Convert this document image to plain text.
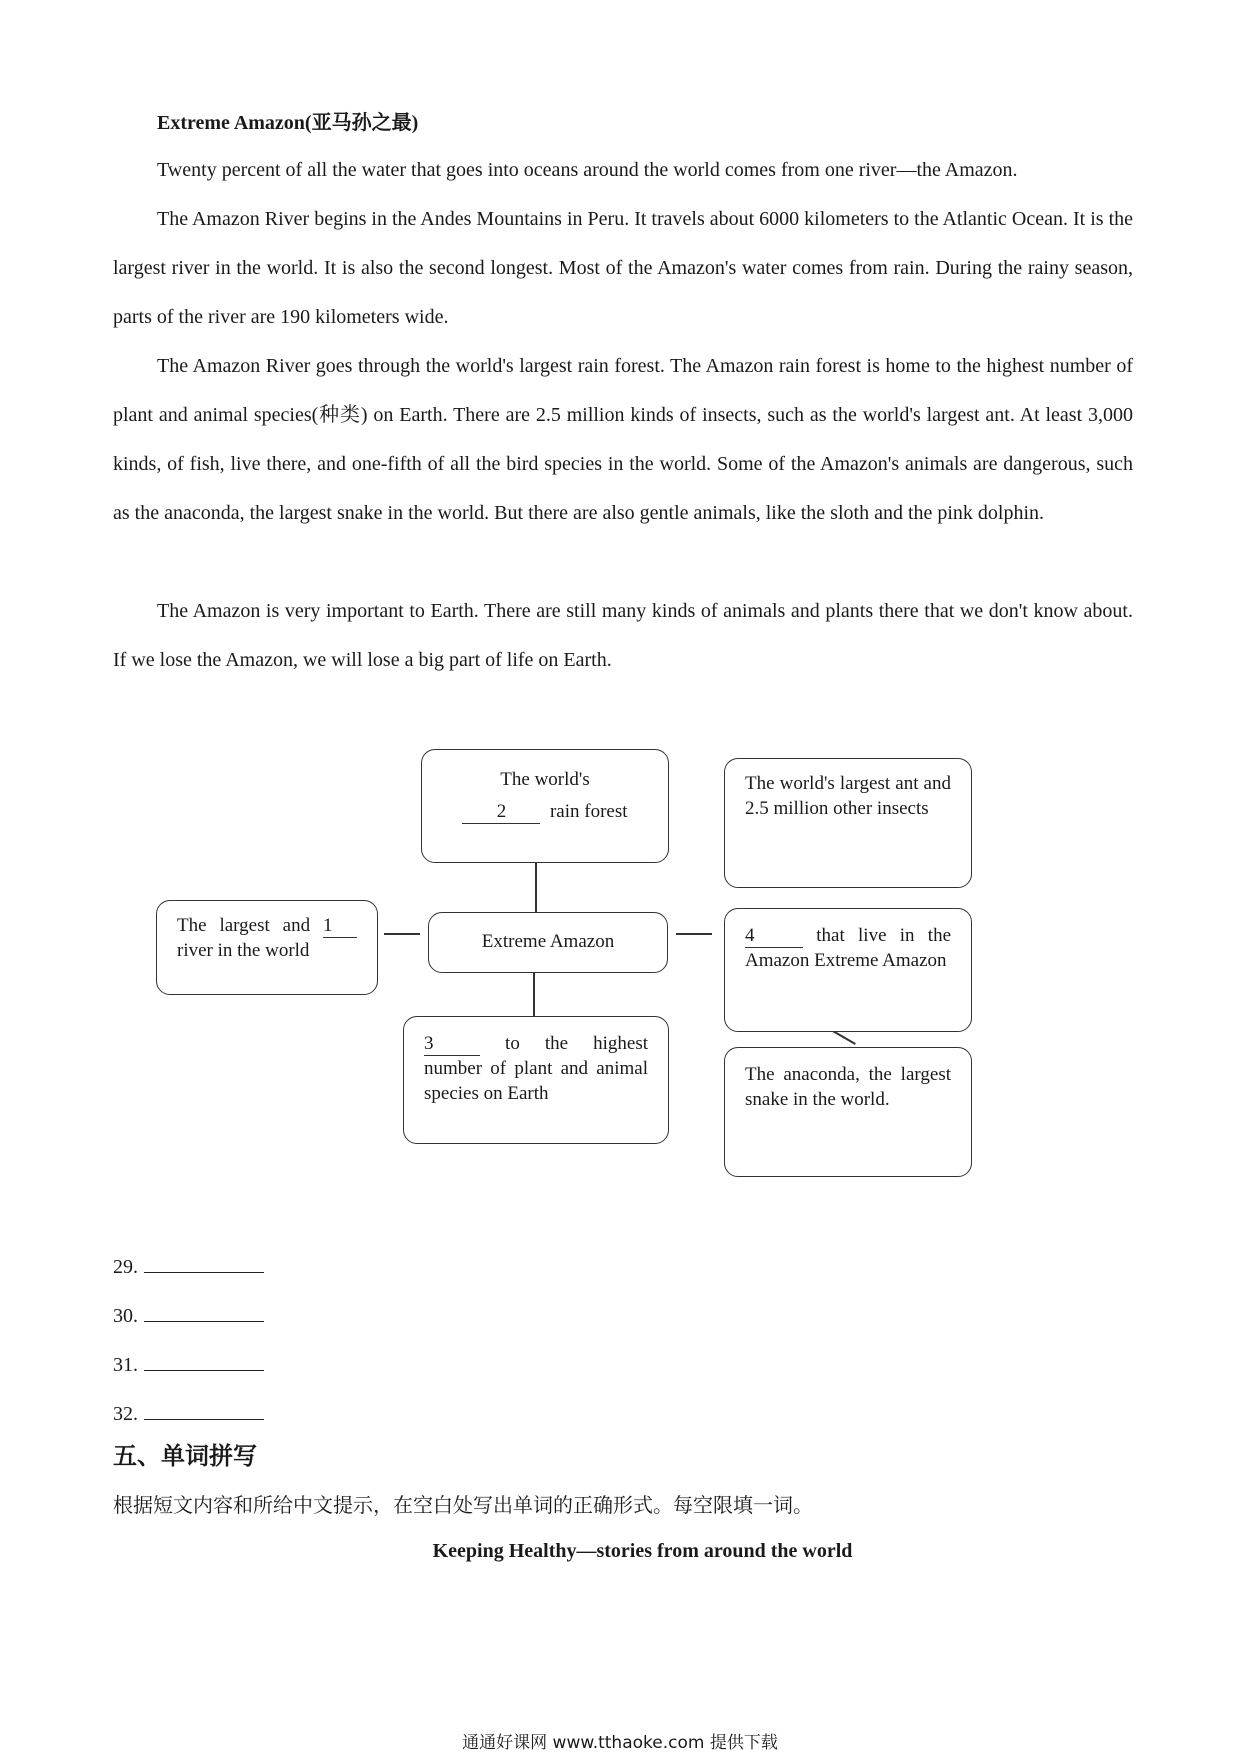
Extreme Amazon(亚马孙之最)

Twenty percent of all the water that goes into oceans around the world comes from one river—the Amazon.

The Amazon River begins in the Andes Mountains in Peru. It travels about 6000 kilometers to the Atlantic Ocean. It is the largest river in the world. It is also the second longest. Most of the Amazon's water comes from rain. During the rainy season, parts of the river are 190 kilometers wide.

The Amazon River goes through the world's largest rain forest. The Amazon rain forest is home to the highest number of plant and animal species(种类) on Earth. There are 2.5 million kinds of insects, such as the world's largest ant. At least 3,000 kinds, of fish, live there, and one-fifth of all the bird species in the world. Some of the Amazon's animals are dangerous, such as the anaconda, the largest snake in the world. But there are also gentle animals, like the sloth and the pink dolphin.

The Amazon is very important to Earth. There are still many kinds of animals and plants there that we don't know about. If we lose the Amazon, we will lose a big part of life on Earth.

Extreme Amazon
The world's
2 rain forest
The largest and 1 river in the world
3	to the highest number of plant and animal species on Earth
The world's largest ant and 2.5 million other insects
4	that live in the Amazon Extreme Amazon
The anaconda, the largest snake in the world.
29.
30.
31.
32.
五、单词拼写
根据短文内容和所给中文提示，在空白处写出单词的正确形式。每空限填一词。
Keeping Healthy—stories from around the world
通通好课网 www.tthaoke.com 提供下载
